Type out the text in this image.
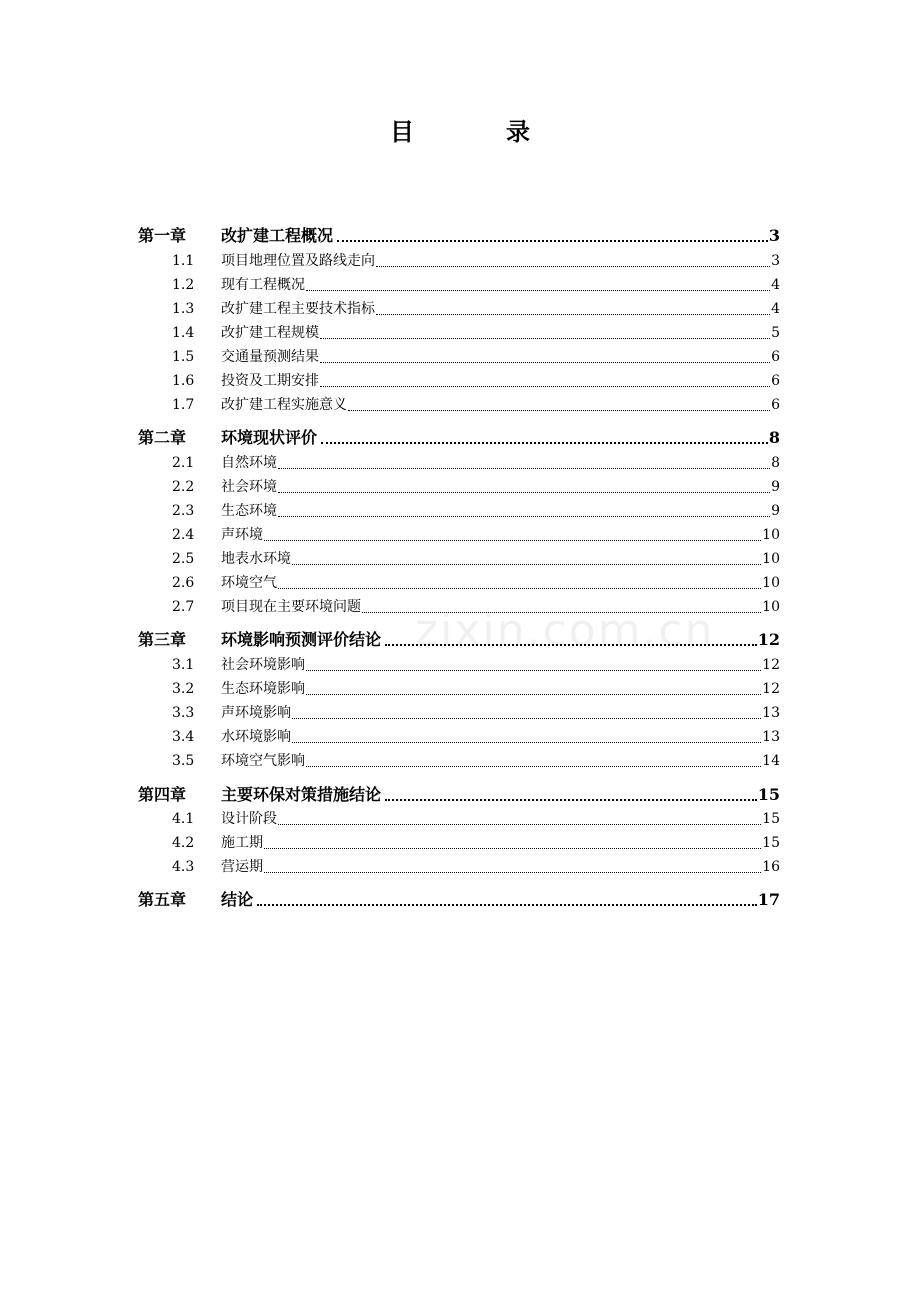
目　录
zixin.com.cn
第一章	改扩建工程概况	3
1.1	项目地理位置及路线走向	3
1.2	现有工程概况	4
1.3	改扩建工程主要技术指标	4
1.4	改扩建工程规模	5
1.5	交通量预测结果	6
1.6	投资及工期安排	6
1.7	改扩建工程实施意义	6
第二章	环境现状评价	8
2.1	自然环境	8
2.2	社会环境	9
2.3	生态环境	9
2.4	声环境	10
2.5	地表水环境	10
2.6	环境空气	10
2.7	项目现在主要环境问题	10
第三章	环境影响预测评价结论	12
3.1	社会环境影响	12
3.2	生态环境影响	12
3.3	声环境影响	13
3.4	水环境影响	13
3.5	环境空气影响	14
第四章	主要环保对策措施结论	15
4.1	设计阶段	15
4.2	施工期	15
4.3	营运期	16
第五章	结论	17
